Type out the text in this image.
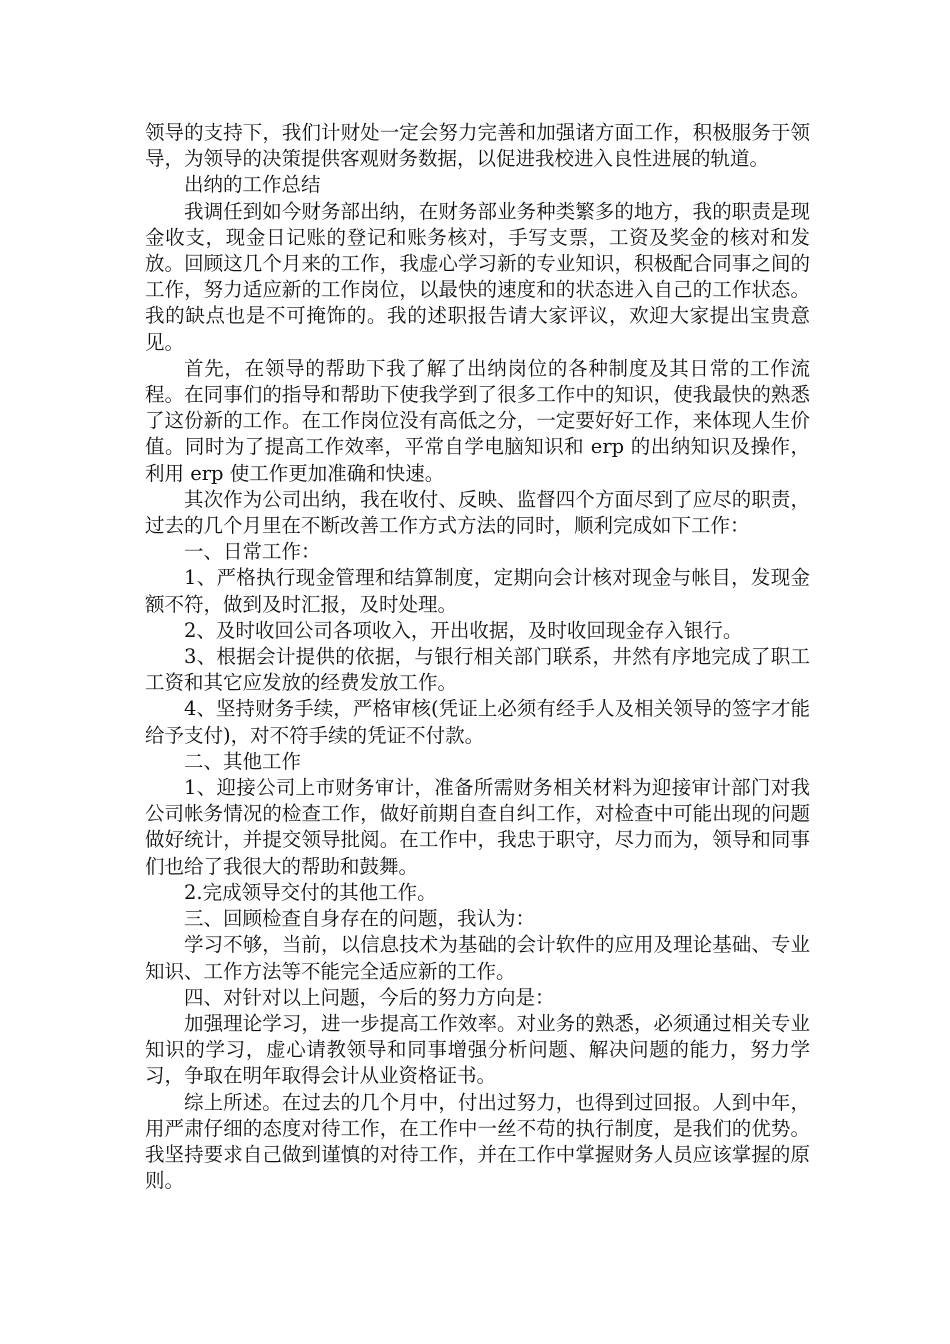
领导的支持下，我们计财处一定会努力完善和加强诸方面工作，积极服务于领导，为领导的决策提供客观财务数据，以促进我校进入良性进展的轨道。

出纳的工作总结

我调任到如今财务部出纳，在财务部业务种类繁多的地方，我的职责是现金收支，现金日记账的登记和账务核对，手写支票，工资及奖金的核对和发放。回顾这几个月来的工作，我虚心学习新的专业知识，积极配合同事之间的工作，努力适应新的工作岗位，以最快的速度和的状态进入自己的工作状态。我的缺点也是不可掩饰的。我的述职报告请大家评议，欢迎大家提出宝贵意见。

首先，在领导的帮助下我了解了出纳岗位的各种制度及其日常的工作流程。在同事们的指导和帮助下使我学到了很多工作中的知识，使我最快的熟悉了这份新的工作。在工作岗位没有高低之分，一定要好好工作，来体现人生价值。同时为了提高工作效率，平常自学电脑知识和 erp 的出纳知识及操作，利用 erp 使工作更加准确和快速。

其次作为公司出纳，我在收付、反映、监督四个方面尽到了应尽的职责，过去的几个月里在不断改善工作方式方法的同时，顺利完成如下工作：

一、日常工作：

1、严格执行现金管理和结算制度，定期向会计核对现金与帐目，发现金额不符，做到及时汇报，及时处理。

2、及时收回公司各项收入，开出收据，及时收回现金存入银行。

3、根据会计提供的依据，与银行相关部门联系，井然有序地完成了职工工资和其它应发放的经费发放工作。

4、坚持财务手续，严格审核(凭证上必须有经手人及相关领导的签字才能给予支付)，对不符手续的凭证不付款。

二、其他工作

1、迎接公司上市财务审计，准备所需财务相关材料为迎接审计部门对我公司帐务情况的检查工作，做好前期自查自纠工作，对检查中可能出现的问题做好统计，并提交领导批阅。在工作中，我忠于职守，尽力而为，领导和同事们也给了我很大的帮助和鼓舞。

2.完成领导交付的其他工作。

三、回顾检查自身存在的问题，我认为：

学习不够，当前，以信息技术为基础的会计软件的应用及理论基础、专业知识、工作方法等不能完全适应新的工作。

四、对针对以上问题，今后的努力方向是：

加强理论学习，进一步提高工作效率。对业务的熟悉，必须通过相关专业知识的学习，虚心请教领导和同事增强分析问题、解决问题的能力，努力学习，争取在明年取得会计从业资格证书。

综上所述。在过去的几个月中，付出过努力，也得到过回报。人到中年，用严肃仔细的态度对待工作，在工作中一丝不苟的执行制度，是我们的优势。我坚持要求自己做到谨慎的对待工作，并在工作中掌握财务人员应该掌握的原则。
